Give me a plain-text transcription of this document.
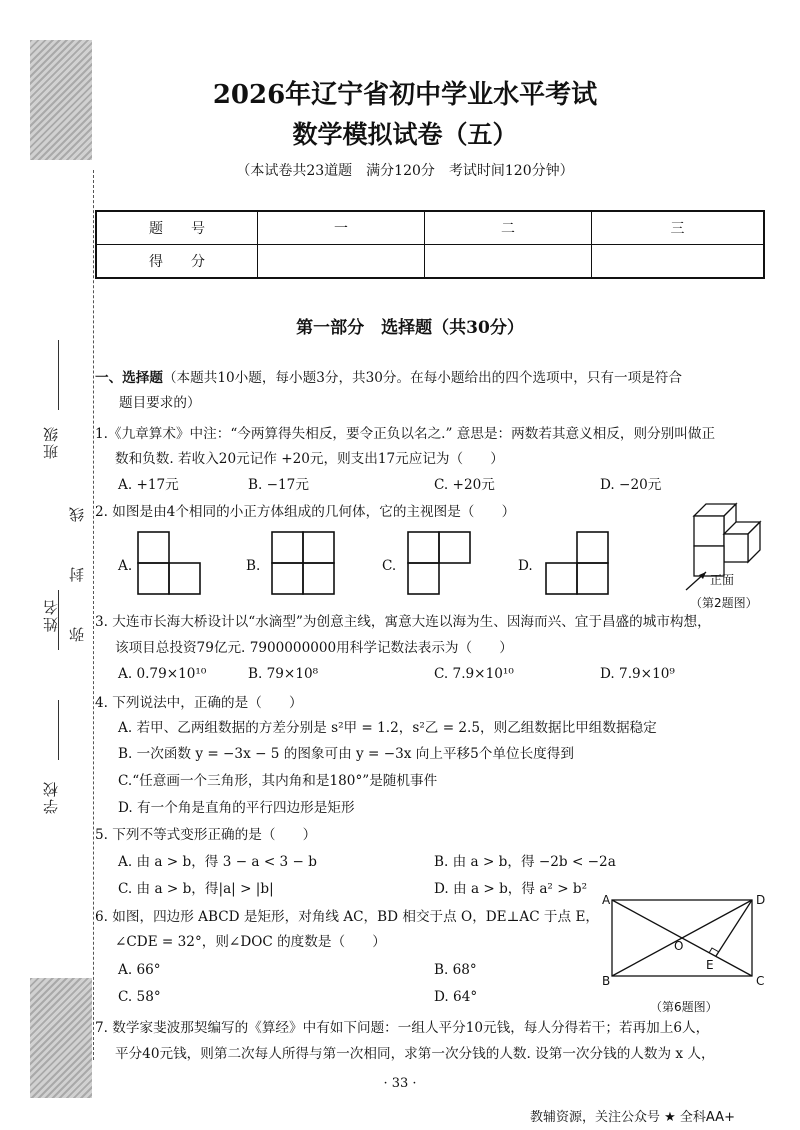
班级
姓名
学校
线
封
弥
2026年辽宁省初中学业水平考试
数学模拟试卷（五）
（本试卷共23道题　满分120分　考试时间120分钟）
题　　号	一	二	三
得　　分			
第一部分　选择题（共30分）
一、选择题（本题共10小题，每小题3分，共30分。在每小题给出的四个选项中，只有一项是符合
题目要求的）
1.《九章算术》中注：“今两算得失相反，要令正负以名之.” 意思是：两数若其意义相反，则分别叫做正
数和负数. 若收入20元记作 +20元，则支出17元应记为（　　）
A. +17元	B. −17元	C. +20元	D. −20元
2. 如图是由4个相同的小正方体组成的几何体，它的主视图是（　　）
A.	B.	C.	D.
正面
（第2题图）
3. 大连市长海大桥设计以“水滴型”为创意主线，寓意大连以海为生、因海而兴、宜于昌盛的城市构想，
该项目总投资79亿元. 7900000000用科学记数法表示为（　　）
A. 0.79×10¹⁰	B. 79×10⁸	C. 7.9×10¹⁰	D. 7.9×10⁹
4. 下列说法中，正确的是（　　）
A. 若甲、乙两组数据的方差分别是 s²甲 = 1.2，s²乙 = 2.5，则乙组数据比甲组数据稳定
B. 一次函数 y = −3x − 5 的图象可由 y = −3x 向上平移5个单位长度得到
C.“任意画一个三角形，其内角和是180°”是随机事件
D. 有一个角是直角的平行四边形是矩形
5. 下列不等式变形正确的是（　　）
A. 由 a > b，得 3 − a < 3 − b	B. 由 a > b，得 −2b < −2a
C. 由 a > b，得|a| > |b|	D. 由 a > b，得 a² > b²
6. 如图，四边形 ABCD 是矩形，对角线 AC，BD 相交于点 O，DE⊥AC 于点 E，
∠CDE = 32°，则∠DOC 的度数是（　　）
A. 66°	B. 68°
C. 58°	D. 64°
A	D
B	C
O
E
（第6题图）
7. 数学家斐波那契编写的《算经》中有如下问题：一组人平分10元钱，每人分得若干；若再加上6人，
平分40元钱，则第二次每人所得与第一次相同，求第一次分钱的人数. 设第一次分钱的人数为 x 人，
· 33 ·
教辅资源，关注公众号 ★ 全科AA+
